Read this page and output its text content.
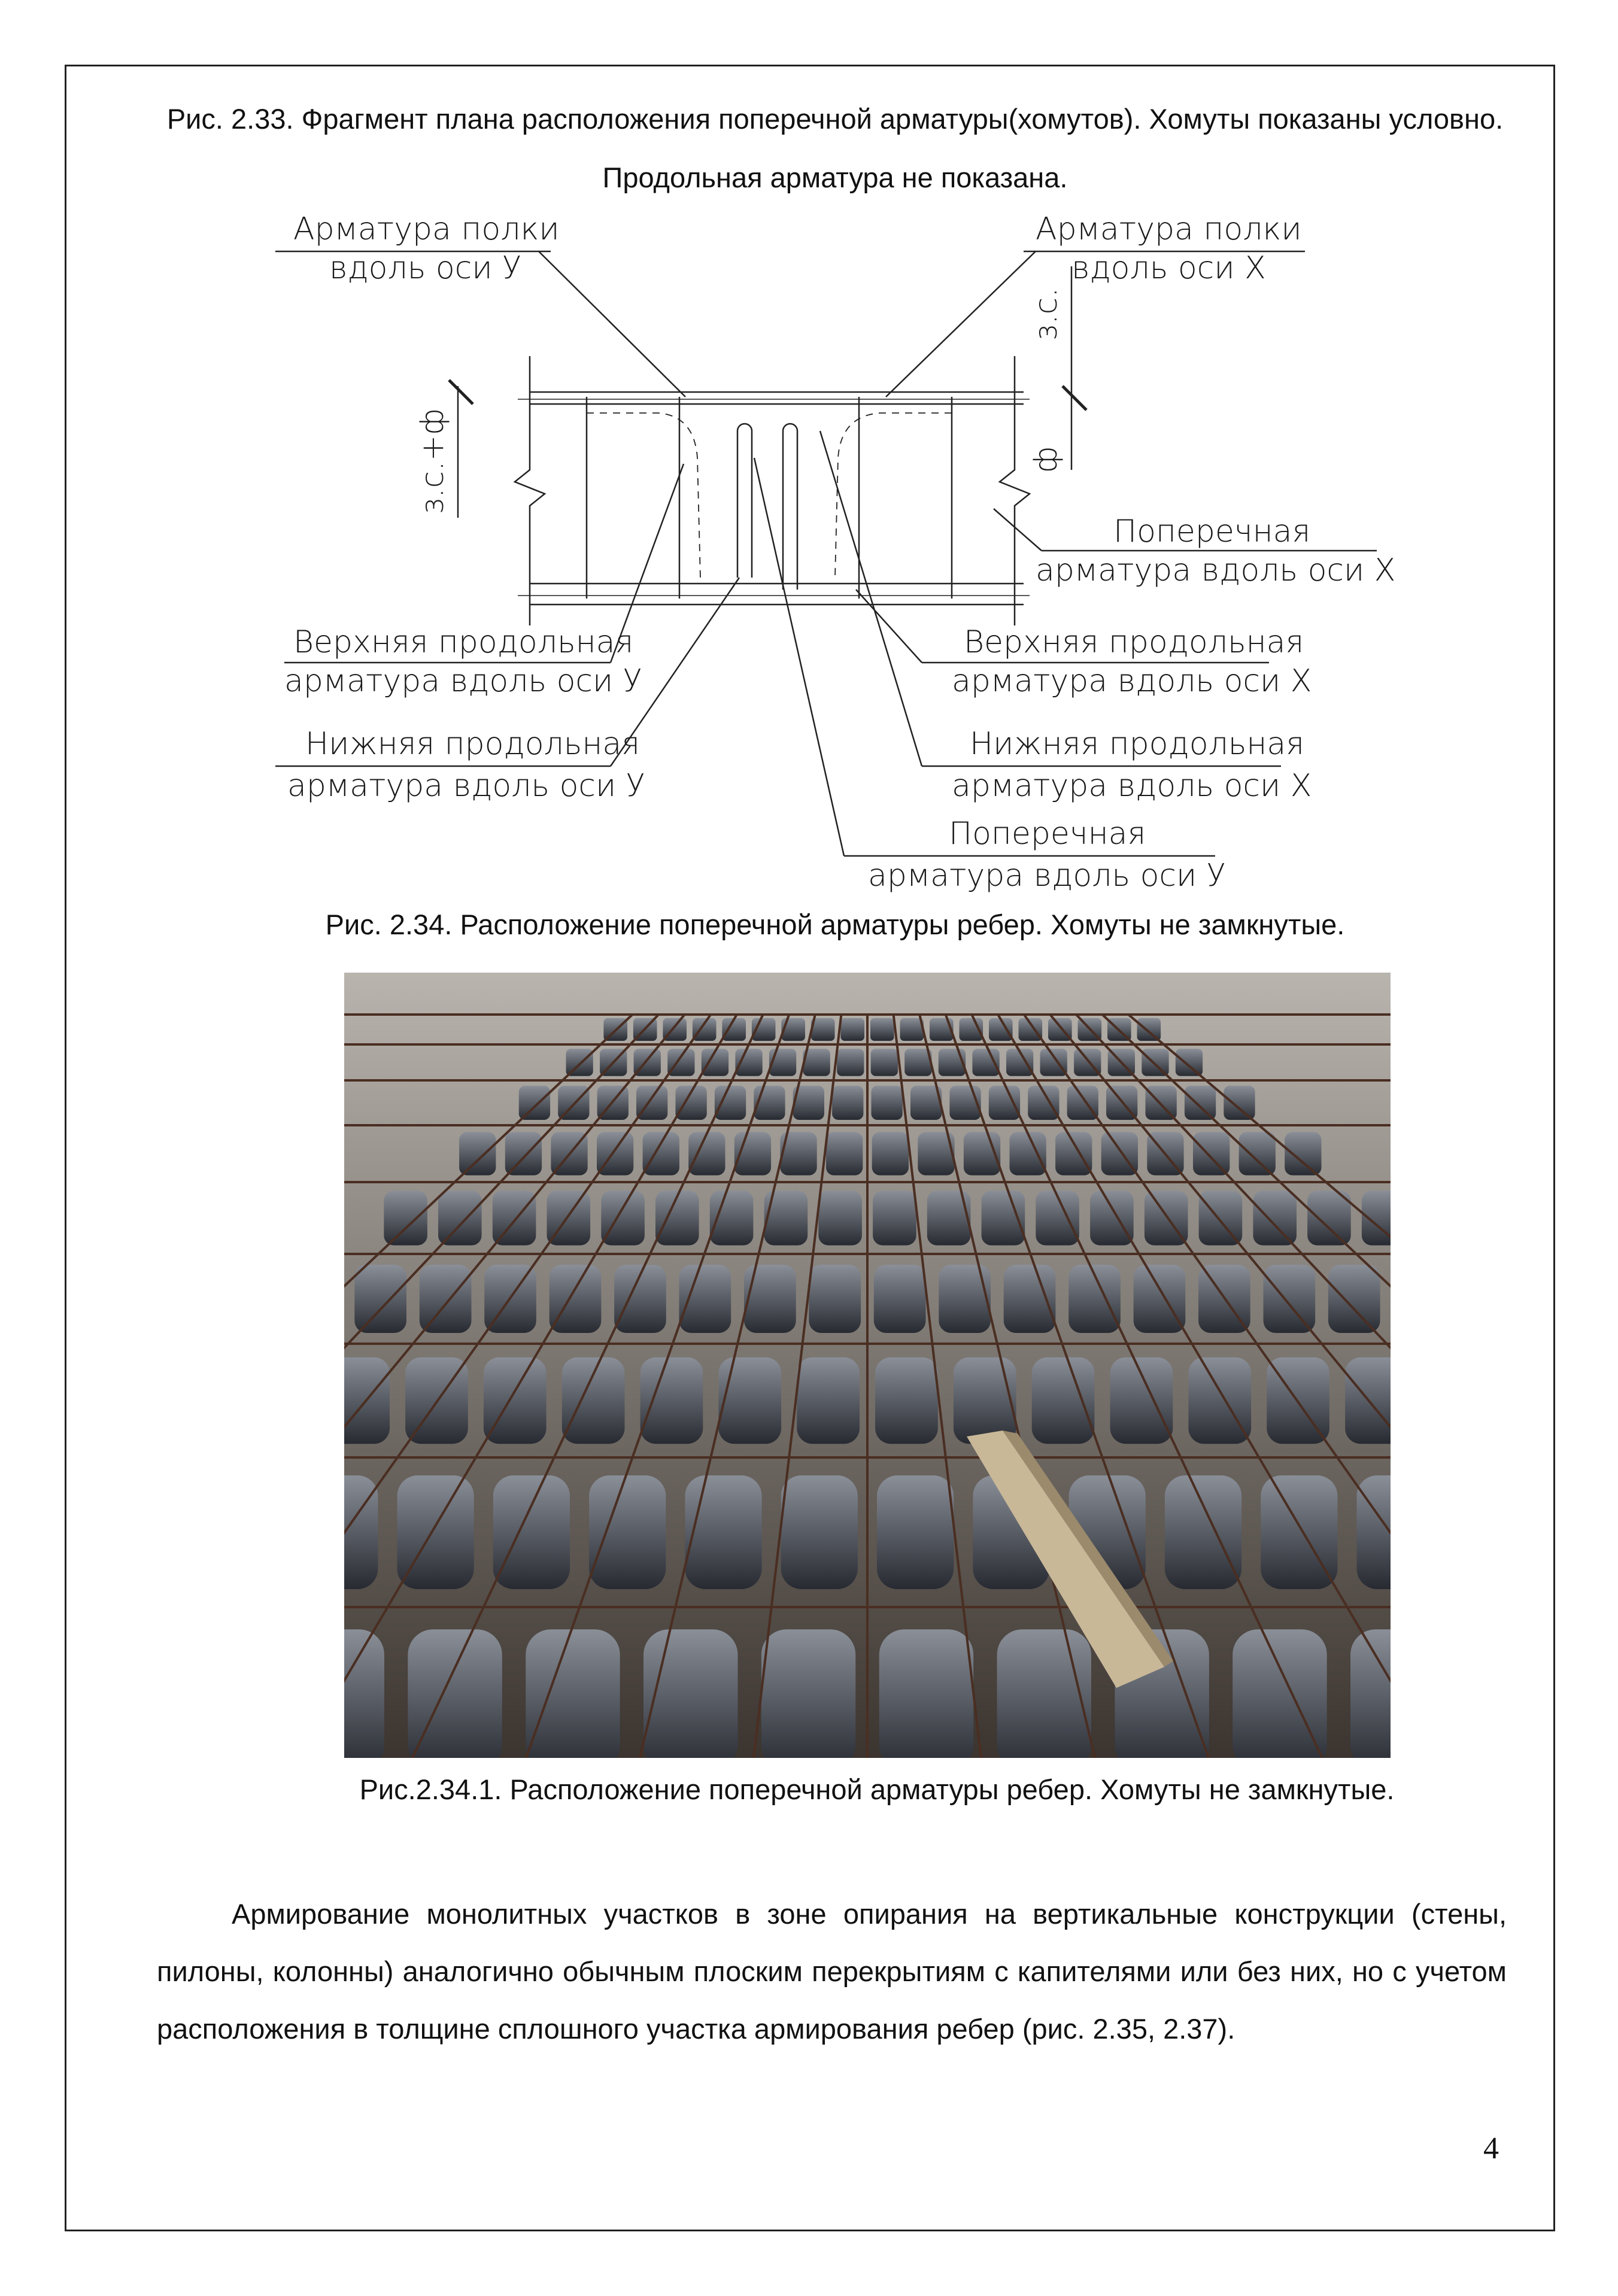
Рис. 2.33. Фрагмент плана расположения поперечной арматуры(хомутов). Хомуты показаны условно. Продольная арматура не показана.
Арматура полки
вдоль оси У
Арматура полки
вдоль оси Х
Поперечная
арматура вдоль оси Х
Верхняя продольная
арматура вдоль оси У
Верхняя продольная
арматура вдоль оси Х
Нижняя продольная
арматура вдоль оси У
Нижняя продольная
арматура вдоль оси Х
Поперечная
арматура вдоль оси У
з.с.+ф
з.с.
ф
Рис. 2.34. Расположение поперечной арматуры ребер. Хомуты не замкнутые.
Рис.2.34.1. Расположение поперечной арматуры ребер. Хомуты не замкнутые.
Армирование монолитных участков в зоне опирания на вертикальные конструкции (стены, пилоны, колонны) аналогично обычным плоским перекрытиям с капителями или без них, но с учетом расположения в толщине сплошного участка армирования ребер (рис. 2.35, 2.37).
4
